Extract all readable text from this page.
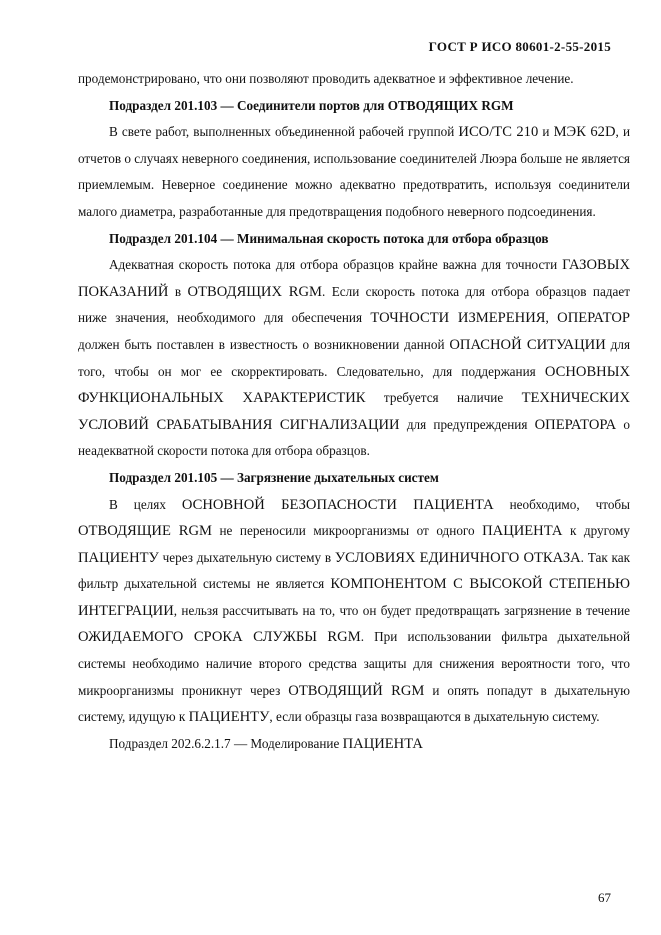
ГОСТ Р ИСО 80601-2-55-2015

продемонстрировано, что они позволяют проводить адекватное и эффективное лечение.

Подраздел 201.103 — Соединители портов для ОТВОДЯЩИХ RGM

В свете работ, выполненных объединенной рабочей группой ИСО/ТС 210 и МЭК 62D, и отчетов о случаях неверного соединения, использование соединителей Люэра больше не является приемлемым. Неверное соединение можно адекватно предотвратить, используя соединители малого диаметра, разработанные для предотвращения подобного неверного подсоединения.

Подраздел 201.104 — Минимальная скорость потока для отбора образцов

Адекватная скорость потока для отбора образцов крайне важна для точности ГАЗОВЫХ ПОКАЗАНИЙ в ОТВОДЯЩИХ RGM. Если скорость потока для отбора образцов падает ниже значения, необходимого для обеспечения ТОЧНОСТИ ИЗМЕРЕНИЯ, ОПЕРАТОР должен быть поставлен в известность о возникновении данной ОПАСНОЙ СИТУАЦИИ для того, чтобы он мог ее скорректировать. Следовательно, для поддержания ОСНОВНЫХ ФУНКЦИОНАЛЬНЫХ ХАРАКТЕРИСТИК требуется наличие ТЕХНИЧЕСКИХ УСЛОВИЙ СРАБАТЫВАНИЯ СИГНАЛИЗАЦИИ для предупреждения ОПЕРАТОРА о неадекватной скорости потока для отбора образцов.

Подраздел 201.105 — Загрязнение дыхательных систем

В целях ОСНОВНОЙ БЕЗОПАСНОСТИ ПАЦИЕНТА необходимо, чтобы ОТВОДЯЩИЕ RGM не переносили микроорганизмы от одного ПАЦИЕНТА к другому ПАЦИЕНТУ через дыхательную систему в УСЛОВИЯХ ЕДИНИЧНОГО ОТКАЗА. Так как фильтр дыхательной системы не является КОМПОНЕНТОМ С ВЫСОКОЙ СТЕПЕНЬЮ ИНТЕГРАЦИИ, нельзя рассчитывать на то, что он будет предотвращать загрязнение в течение ОЖИДАЕМОГО СРОКА СЛУЖБЫ RGM. При использовании фильтра дыхательной системы необходимо наличие второго средства защиты для снижения вероятности того, что микроорганизмы проникнут через ОТВОДЯЩИЙ RGM и опять попадут в дыхательную систему, идущую к ПАЦИЕНТУ, если образцы газа возвращаются в дыхательную систему.

Подраздел 202.6.2.1.7 — Моделирование ПАЦИЕНТА

67
